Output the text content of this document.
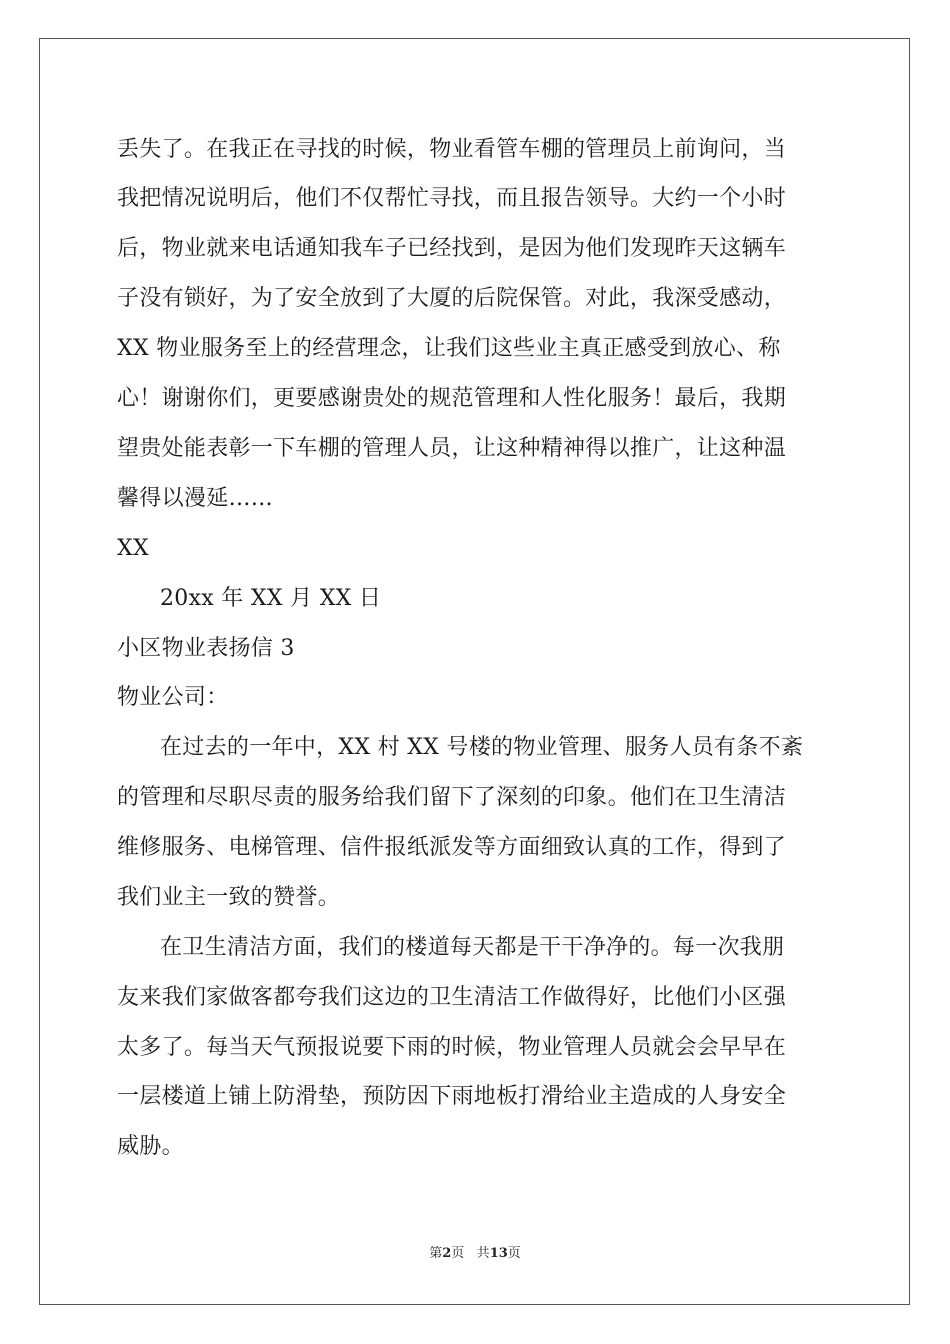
丢失了。在我正在寻找的时候，物业看管车棚的管理员上前询问，当
我把情况说明后，他们不仅帮忙寻找，而且报告领导。大约一个小时
后，物业就来电话通知我车子已经找到，是因为他们发现昨天这辆车
子没有锁好，为了安全放到了大厦的后院保管。对此，我深受感动，
XX 物业服务至上的经营理念，让我们这些业主真正感受到放心、称
心！谢谢你们，更要感谢贵处的规范管理和人性化服务！最后，我期
望贵处能表彰一下车棚的管理人员，让这种精神得以推广，让这种温
馨得以漫延……
XX
20xx 年 XX 月 XX 日
小区物业表扬信 3
物业公司：
在过去的一年中，XX 村 XX 号楼的物业管理、服务人员有条不紊
的管理和尽职尽责的服务给我们留下了深刻的印象。他们在卫生清洁
维修服务、电梯管理、信件报纸派发等方面细致认真的工作，得到了
我们业主一致的赞誉。
在卫生清洁方面，我们的楼道每天都是干干净净的。每一次我朋
友来我们家做客都夸我们这边的卫生清洁工作做得好，比他们小区强
太多了。每当天气预报说要下雨的时候，物业管理人员就会会早早在
一层楼道上铺上防滑垫，预防因下雨地板打滑给业主造成的人身安全
威胁。
第2页 共13页
